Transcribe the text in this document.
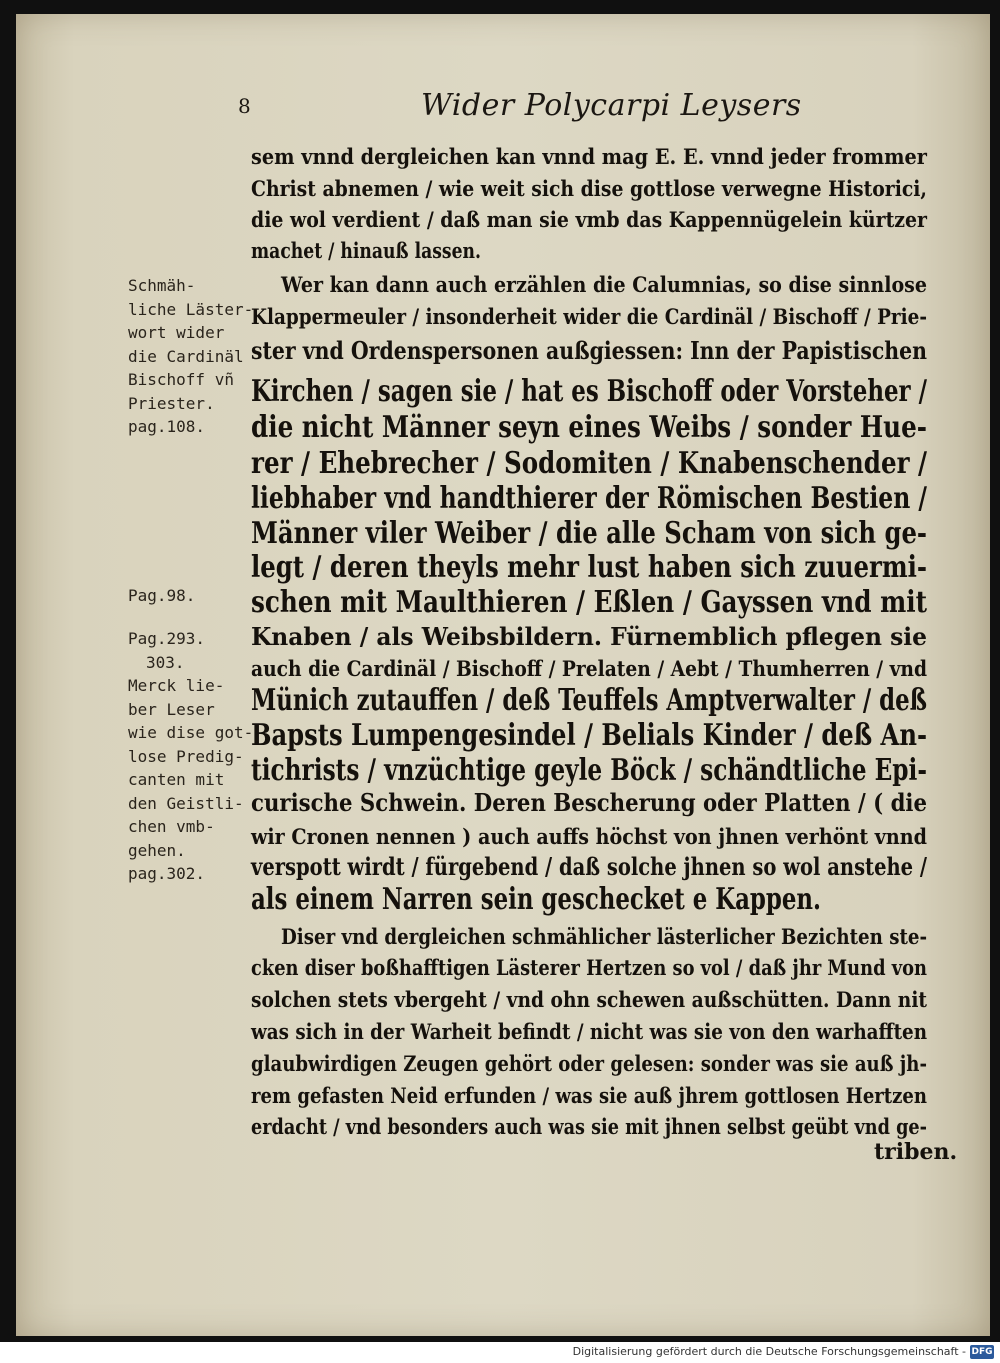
8	Wider Polycarpi Leysers
Schmäh-
liche Läster-
wort wider
die Cardinäl
Bischoff vñ
Priester.
pag.108.
Pag.98.
Pag.293.
303.
Merck lie-
ber Leser
wie dise got-
lose Predig-
canten mit
den Geistli-
chen vmb-
gehen.
pag.302.
sem vnnd dergleichen kan vnnd mag E. E. vnnd jeder frommer
Christ abnemen / wie weit sich dise gottlose verwegne Historici,
die wol verdient / daß man sie vmb das Kappennügelein kürtzer
machet / hinauß lassen.
Wer kan dann auch erzählen die Calumnias, so dise sinnlose
Klappermeuler / insonderheit wider die Cardinäl / Bischoff / Prie-
ster vnd Ordenspersonen außgiessen: Inn der Papistischen
Kirchen / sagen sie / hat es Bischoff oder Vorsteher /
die nicht Männer seyn eines Weibs / sonder Hue-
rer / Ehebrecher / Sodomiten / Knabenschender /
liebhaber vnd handthierer der Römischen Bestien /
Männer viler Weiber / die alle Scham von sich ge-
legt / deren theyls mehr lust haben sich zuuermi-
schen mit Maulthieren / Eßlen / Gayssen vnd mit
Knaben / als Weibsbildern. Fürnemblich pflegen sie
auch die Cardinäl / Bischoff / Prelaten / Aebt / Thumherren / vnd
Münich zutauffen / deß Teuffels Amptverwalter / deß
Bapsts Lumpengesindel / Belials Kinder / deß An-
tichrists / vnzüchtige geyle Böck / schändtliche Epi-
curische Schwein. Deren Bescherung oder Platten / ( die
wir Cronen nennen ) auch auffs höchst von jhnen verhönt vnnd
verspott wirdt / fürgebend / daß solche jhnen so wol anstehe /
als einem Narren sein geschecket e Kappen.
Diser vnd dergleichen schmählicher lästerlicher Bezichten ste-
cken diser boßhafftigen Lästerer Hertzen so vol / daß jhr Mund von
solchen stets vbergeht / vnd ohn schewen außschütten. Dann nit
was sich in der Warheit befindt / nicht was sie von den warhafften
glaubwirdigen Zeugen gehört oder gelesen: sonder was sie auß jh-
rem gefasten Neid erfunden / was sie auß jhrem gottlosen Hertzen
erdacht / vnd besonders auch was sie mit jhnen selbst geübt vnd ge-
triben.
Digitalisierung gefördert durch die Deutsche Forschungsgemeinschaft - DFG
